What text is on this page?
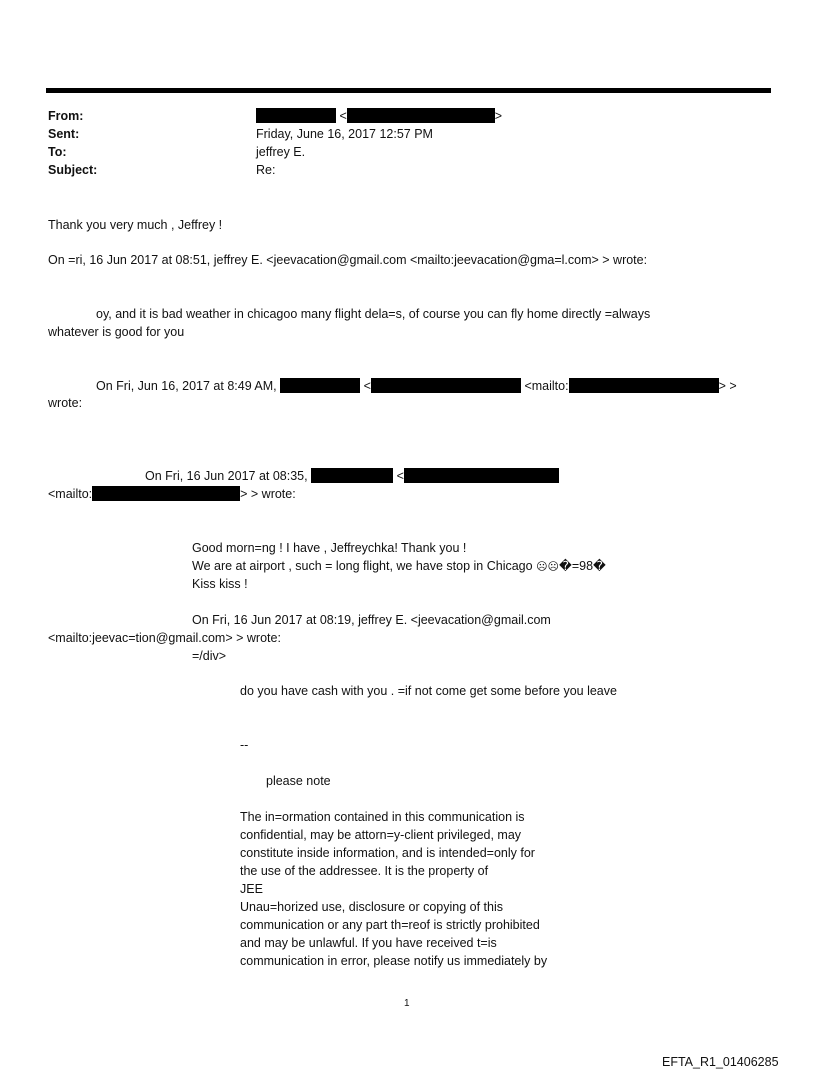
From:	<	>
Sent:	Friday, June 16, 2017 12:57 PM
To:	jeffrey E.
Subject:	Re:
Thank you very much , Jeffrey !
On =ri, 16 Jun 2017 at 08:51, jeffrey E. <jeevacation@gmail.com <mailto:jeevacation@gma=l.com> > wrote:
oy, and it is bad weather in chicagoo many flight dela=s, of course you can fly home directly =always
whatever is good for you
On Fri, Jun 16, 2017 at 8:49 AM,	<	<mailto:	> >
wrote:
On Fri, 16 Jun 2017 at 08:35,	<
<mailto:	> > wrote:
Good morn=ng ! I have , Jeffreychka! Thank you !
We are at airport , such = long flight, we have stop in Chicago ☹☹�=98�
Kiss kiss !
On Fri, 16 Jun 2017 at 08:19, jeffrey E. <jeevacation@gmail.com
<mailto:jeevac=tion@gmail.com> > wrote:
=/div>
do you have cash with you . =if not come get some before you leave
--
please note
The in=ormation contained in this communication is
confidential, may be attorn=y-client privileged, may
constitute inside information, and is intended=only for
the use of the addressee. It is the property of
JEE
Unau=horized use, disclosure or copying of this
communication or any part th=reof is strictly prohibited
and may be unlawful. If you have received t=is
communication in error, please notify us immediately by
1
EFTA_R1_01406285
